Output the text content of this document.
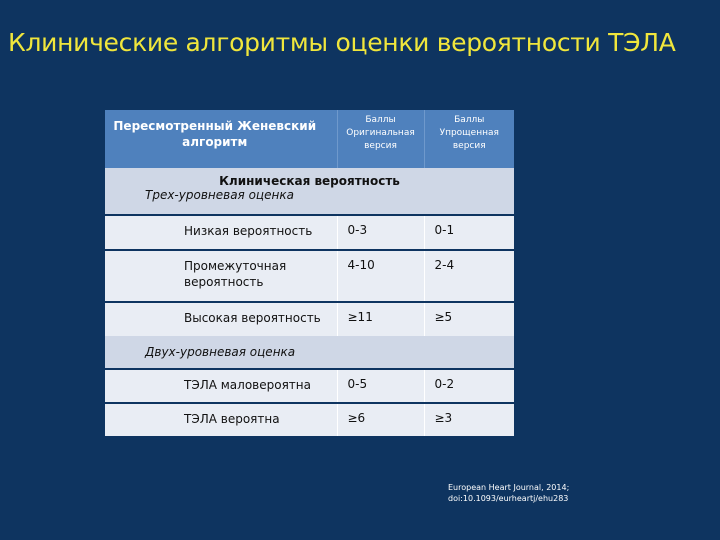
Клинические алгоритмы оценки вероятности ТЭЛА
Пересмотренный Женевский алгоритм	Баллы Оригинальная версия	Баллы Упрощенная версия

Клиническая вероятность
Трех-уровневая оценка		

Низкая вероятность	0-3	0-1
Промежуточная вероятность	4-10	2-4
Высокая вероятность	≥11	≥5

Двух-уровневая оценка		

ТЭЛА маловероятна	0-5	0-2
ТЭЛА вероятна	≥6	≥3
European Heart Journal, 2014;
doi:10.1093/eurheartj/ehu283
